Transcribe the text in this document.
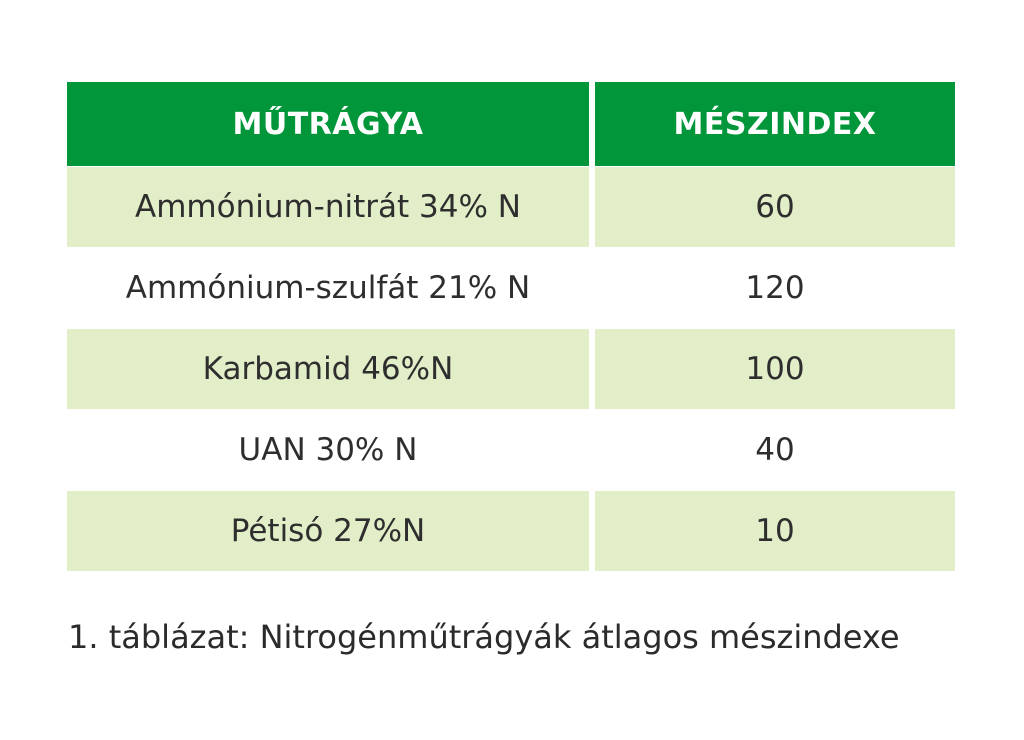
MŰTRÁGYA	MÉSZINDEX
Ammónium-nitrát 34% N	60
Ammónium-szulfát 21% N	120
Karbamid 46%N	100
UAN 30% N	40
Pétisó 27%N	10
1. táblázat: Nitrogénműtrágyák átlagos mészindexe
